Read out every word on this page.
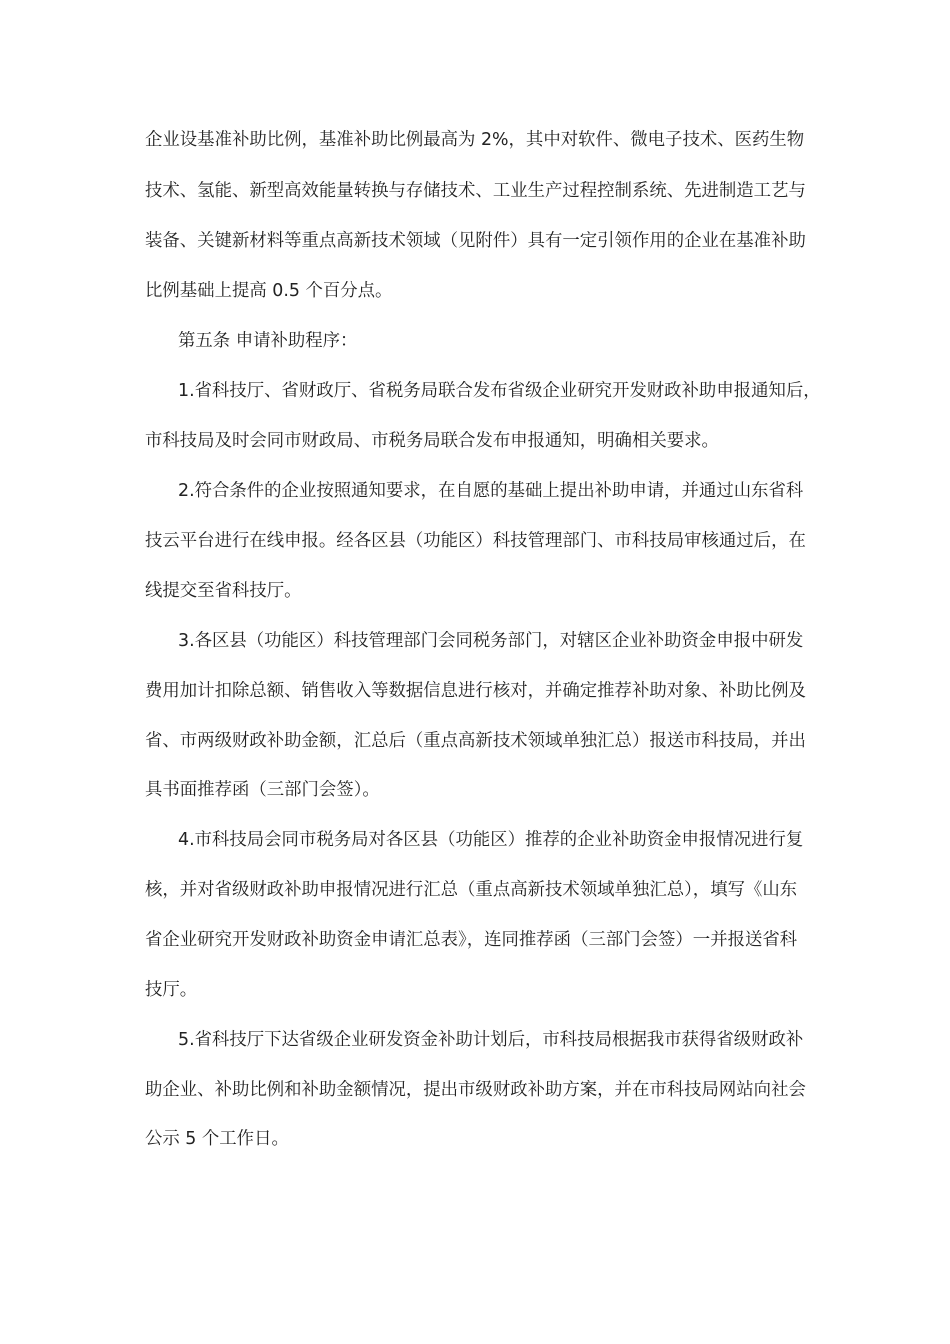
企业设基准补助比例，基准补助比例最高为 2%，其中对软件、微电子技术、医药生物
技术、氢能、新型高效能量转换与存储技术、工业生产过程控制系统、先进制造工艺与
装备、关键新材料等重点高新技术领域（见附件）具有一定引领作用的企业在基准补助
比例基础上提高 0.5 个百分点。
第五条 申请补助程序：
1.省科技厅、省财政厅、省税务局联合发布省级企业研究开发财政补助申报通知后，
市科技局及时会同市财政局、市税务局联合发布申报通知，明确相关要求。
2.符合条件的企业按照通知要求，在自愿的基础上提出补助申请，并通过山东省科
技云平台进行在线申报。经各区县（功能区）科技管理部门、市科技局审核通过后，在
线提交至省科技厅。
3.各区县（功能区）科技管理部门会同税务部门，对辖区企业补助资金申报中研发
费用加计扣除总额、销售收入等数据信息进行核对，并确定推荐补助对象、补助比例及
省、市两级财政补助金额，汇总后（重点高新技术领域单独汇总）报送市科技局，并出
具书面推荐函（三部门会签）。
4.市科技局会同市税务局对各区县（功能区）推荐的企业补助资金申报情况进行复
核，并对省级财政补助申报情况进行汇总（重点高新技术领域单独汇总），填写《山东
省企业研究开发财政补助资金申请汇总表》，连同推荐函（三部门会签）一并报送省科
技厅。
5.省科技厅下达省级企业研发资金补助计划后，市科技局根据我市获得省级财政补
助企业、补助比例和补助金额情况，提出市级财政补助方案，并在市科技局网站向社会
公示 5 个工作日。
